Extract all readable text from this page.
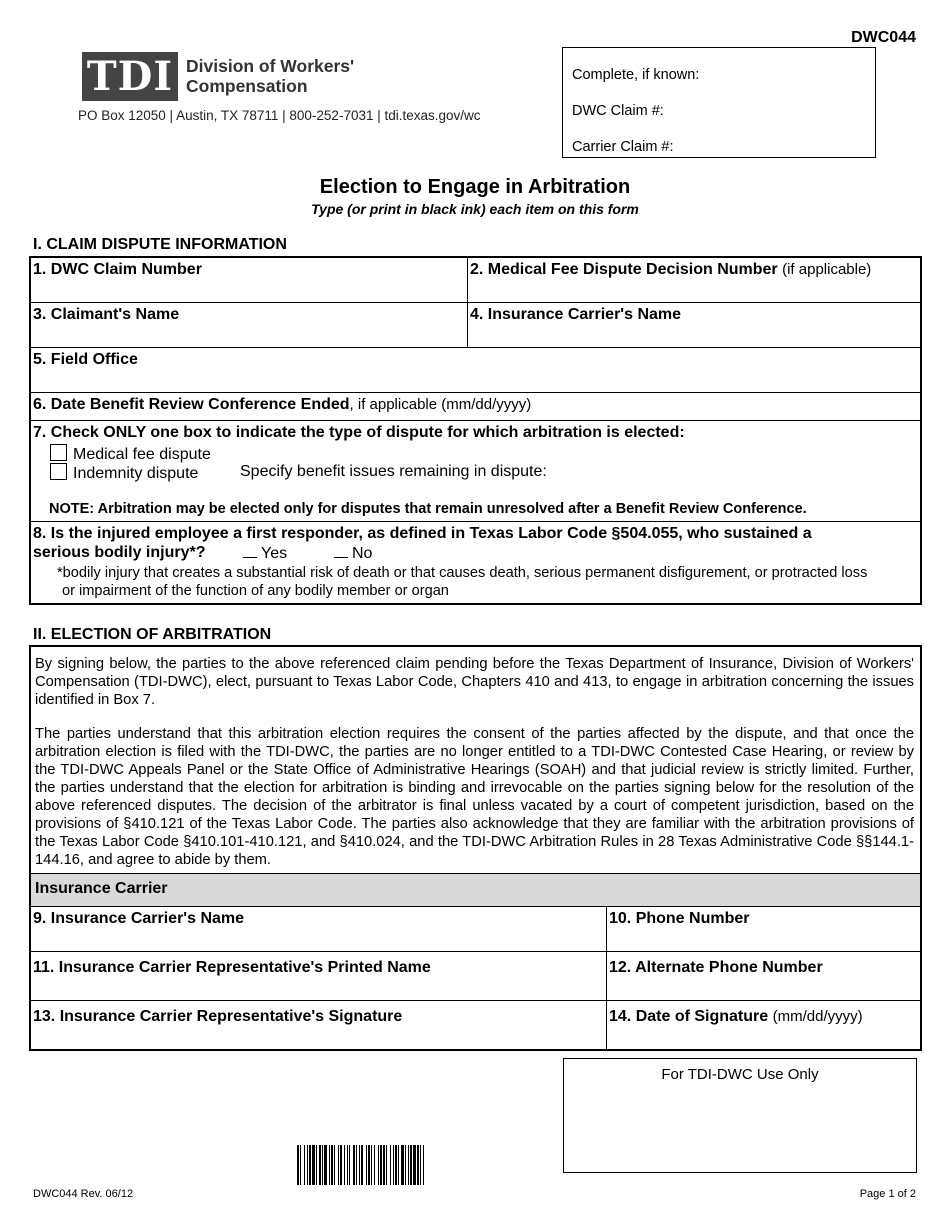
DWC044
TDI Division of Workers'
Compensation
PO Box 12050 | Austin, TX 78711 | 800-252-7031 | tdi.texas.gov/wc
Complete, if known:
DWC Claim #:
Carrier Claim #:
Election to Engage in Arbitration
Type (or print in black ink) each item on this form
I. CLAIM DISPUTE INFORMATION
1. DWC Claim Number	2. Medical Fee Dispute Decision Number (if applicable)
3. Claimant's Name	4. Insurance Carrier's Name
5. Field Office
6. Date Benefit Review Conference Ended, if applicable (mm/dd/yyyy)
7. Check ONLY one box to indicate the type of dispute for which arbitration is elected:
Medical fee dispute
Indemnity dispute	Specify benefit issues remaining in dispute:
NOTE: Arbitration may be elected only for disputes that remain unresolved after a Benefit Review Conference.
8. Is the injured employee a first responder, as defined in Texas Labor Code §504.055, who sustained a
serious bodily injury*?	Yes	No
*bodily injury that creates a substantial risk of death or that causes death, serious permanent disfigurement, or protracted loss
or impairment of the function of any bodily member or organ
II. ELECTION OF ARBITRATION
By signing below, the parties to the above referenced claim pending before the Texas Department of Insurance, Division of Workers' Compensation (TDI-DWC), elect, pursuant to Texas Labor Code, Chapters 410 and 413, to engage in arbitration concerning the issues identified in Box 7.
The parties understand that this arbitration election requires the consent of the parties affected by the dispute, and that once the arbitration election is filed with the TDI-DWC, the parties are no longer entitled to a TDI-DWC Contested Case Hearing, or review by the TDI-DWC Appeals Panel or the State Office of Administrative Hearings (SOAH) and that judicial review is strictly limited. Further, the parties understand that the election for arbitration is binding and irrevocable on the parties signing below for the resolution of the above referenced disputes. The decision of the arbitrator is final unless vacated by a court of competent jurisdiction, based on the provisions of §410.121 of the Texas Labor Code. The parties also acknowledge that they are familiar with the arbitration provisions of the Texas Labor Code §410.101-410.121, and §410.024, and the TDI-DWC Arbitration Rules in 28 Texas Administrative Code §§144.1-144.16, and agree to abide by them.
Insurance Carrier
9. Insurance Carrier's Name	10. Phone Number
11. Insurance Carrier Representative's Printed Name	12. Alternate Phone Number
13. Insurance Carrier Representative's Signature	14. Date of Signature (mm/dd/yyyy)
For TDI-DWC Use Only
DWC044 Rev. 06/12	Page 1 of 2
